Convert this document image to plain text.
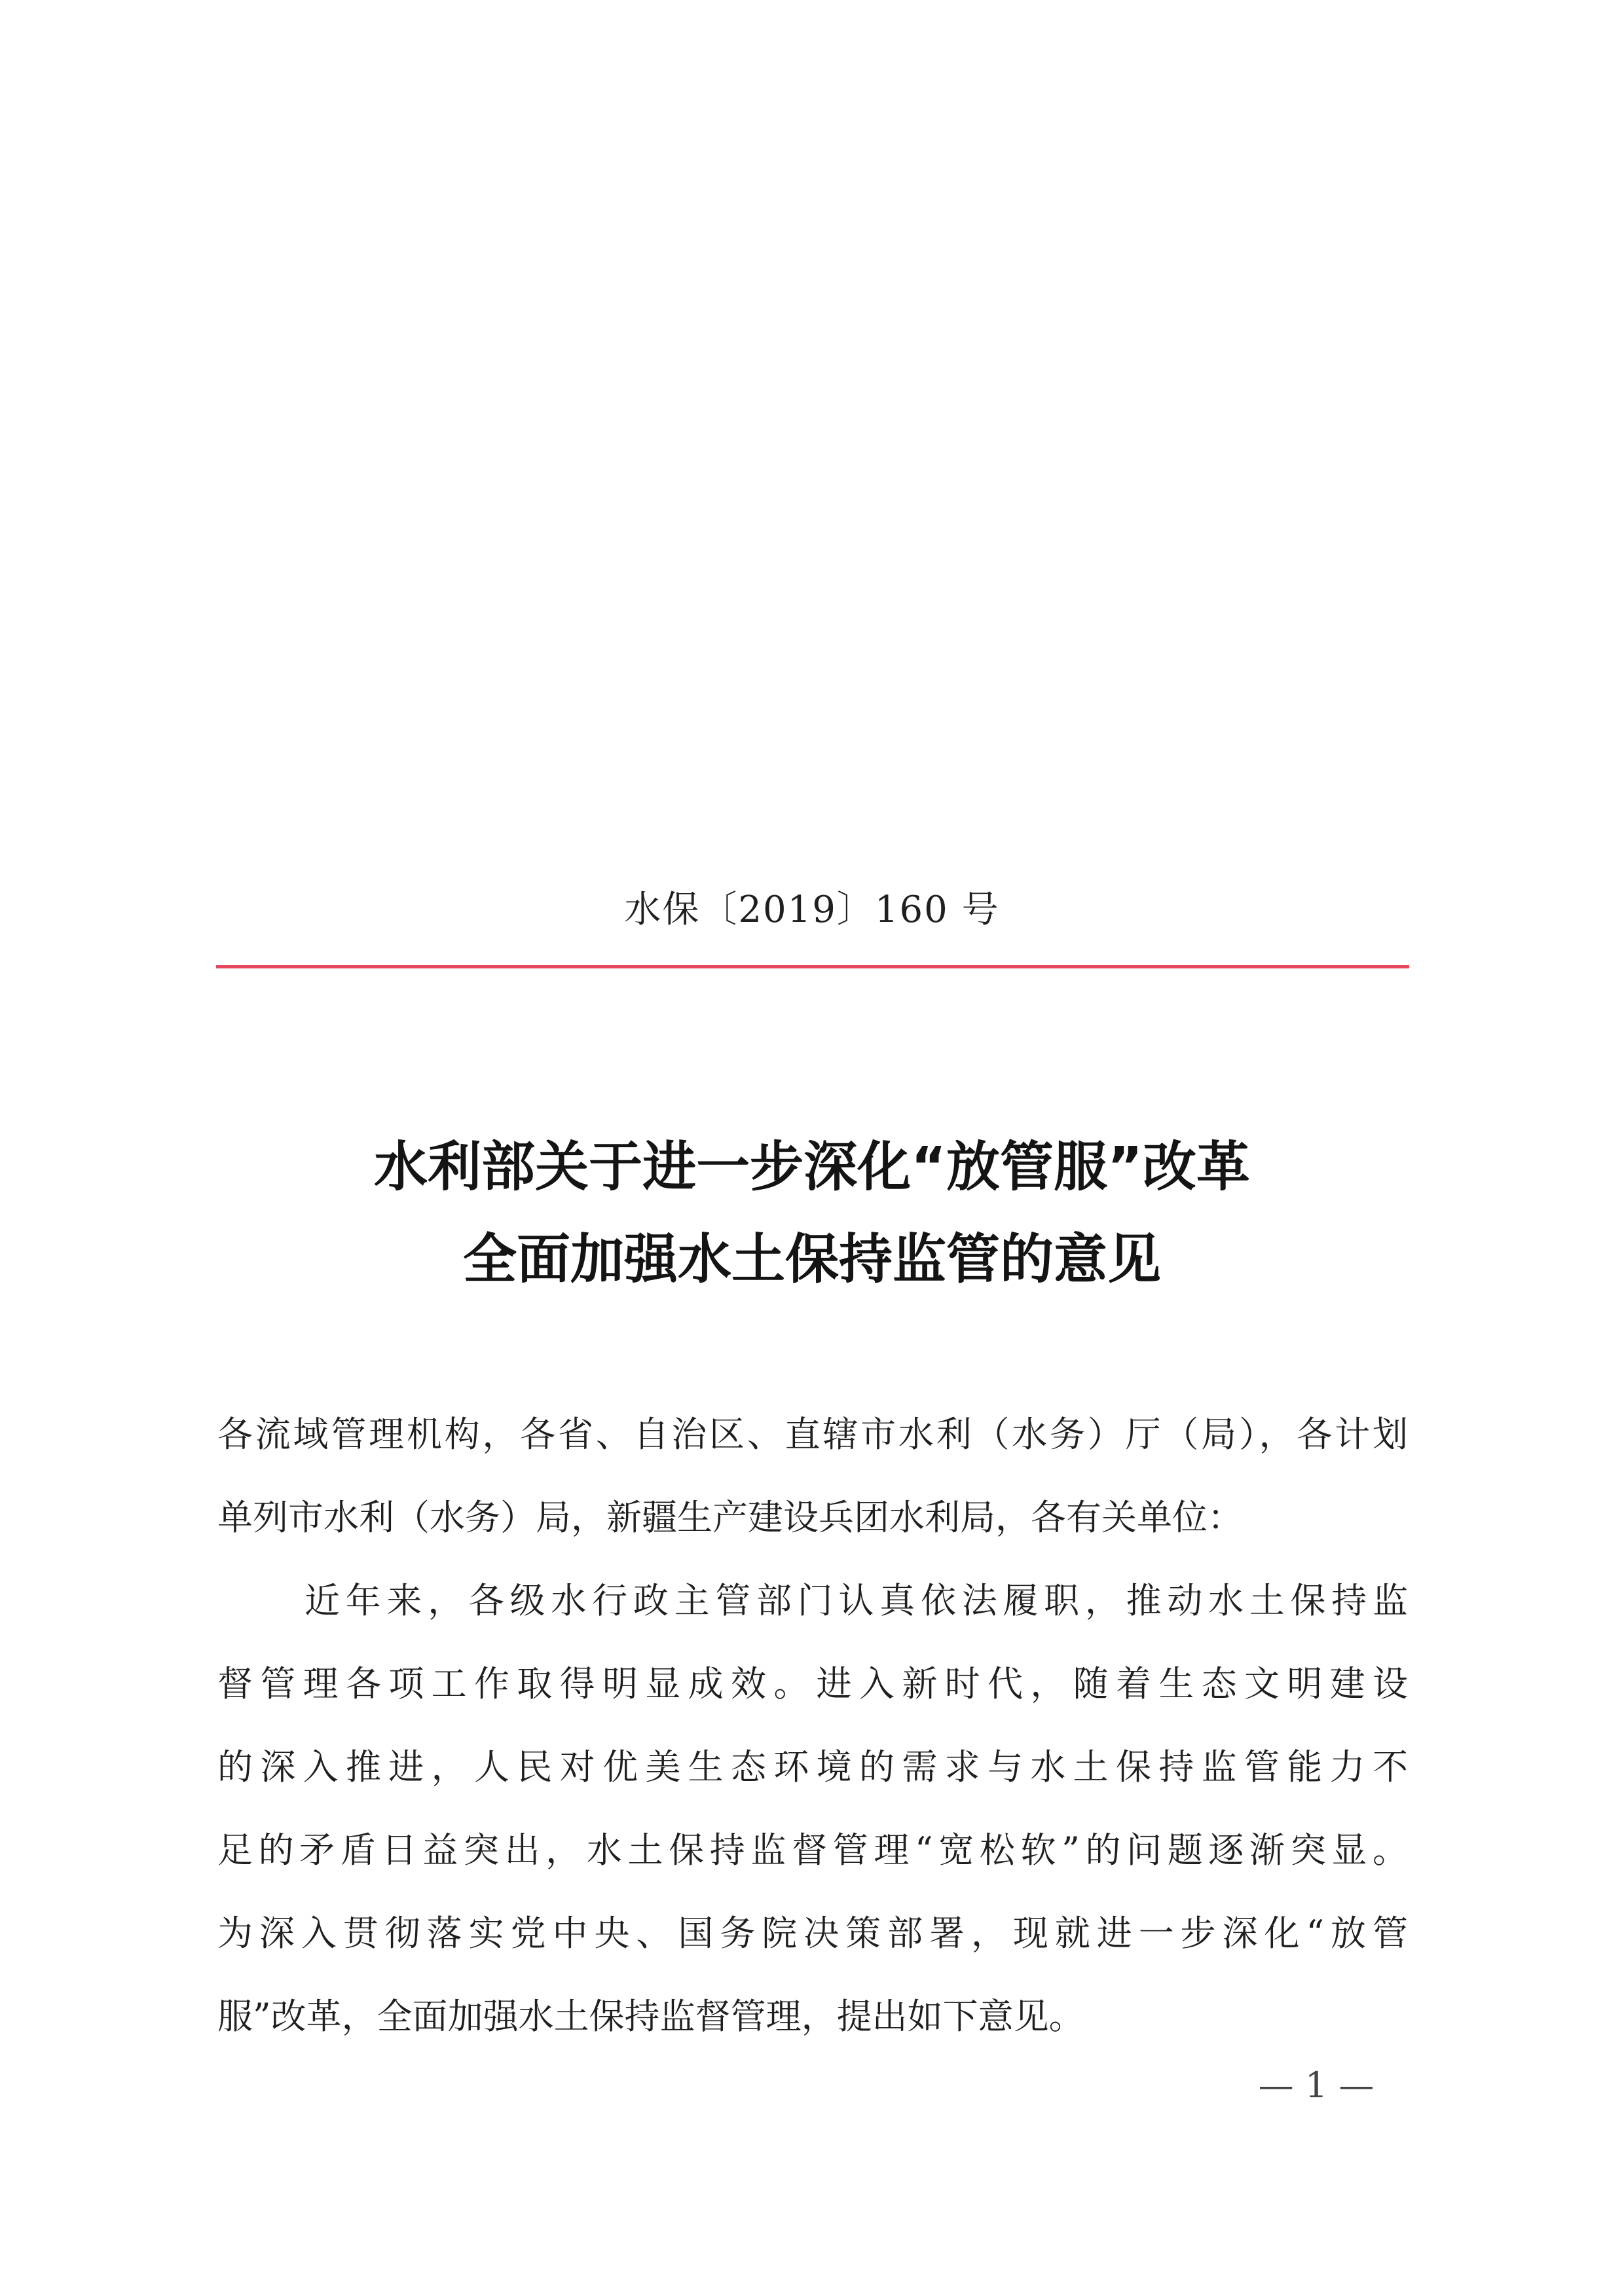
水保〔2019〕160 号
水利部关于进一步深化“放管服”改革
全面加强水土保持监管的意见
各流域管理机构，各省、自治区、直辖市水利（水务）厅（局），各计划
单列市水利（水务）局，新疆生产建设兵团水利局，各有关单位：
近年来，各级水行政主管部门认真依法履职，推动水土保持监
督管理各项工作取得明显成效。进入新时代，随着生态文明建设
的深入推进，人民对优美生态环境的需求与水土保持监管能力不
足的矛盾日益突出，水土保持监督管理“宽松软”的问题逐渐突显。
为深入贯彻落实党中央、国务院决策部署，现就进一步深化“放管
服”改革，全面加强水土保持监督管理，提出如下意见。
— 1 —
